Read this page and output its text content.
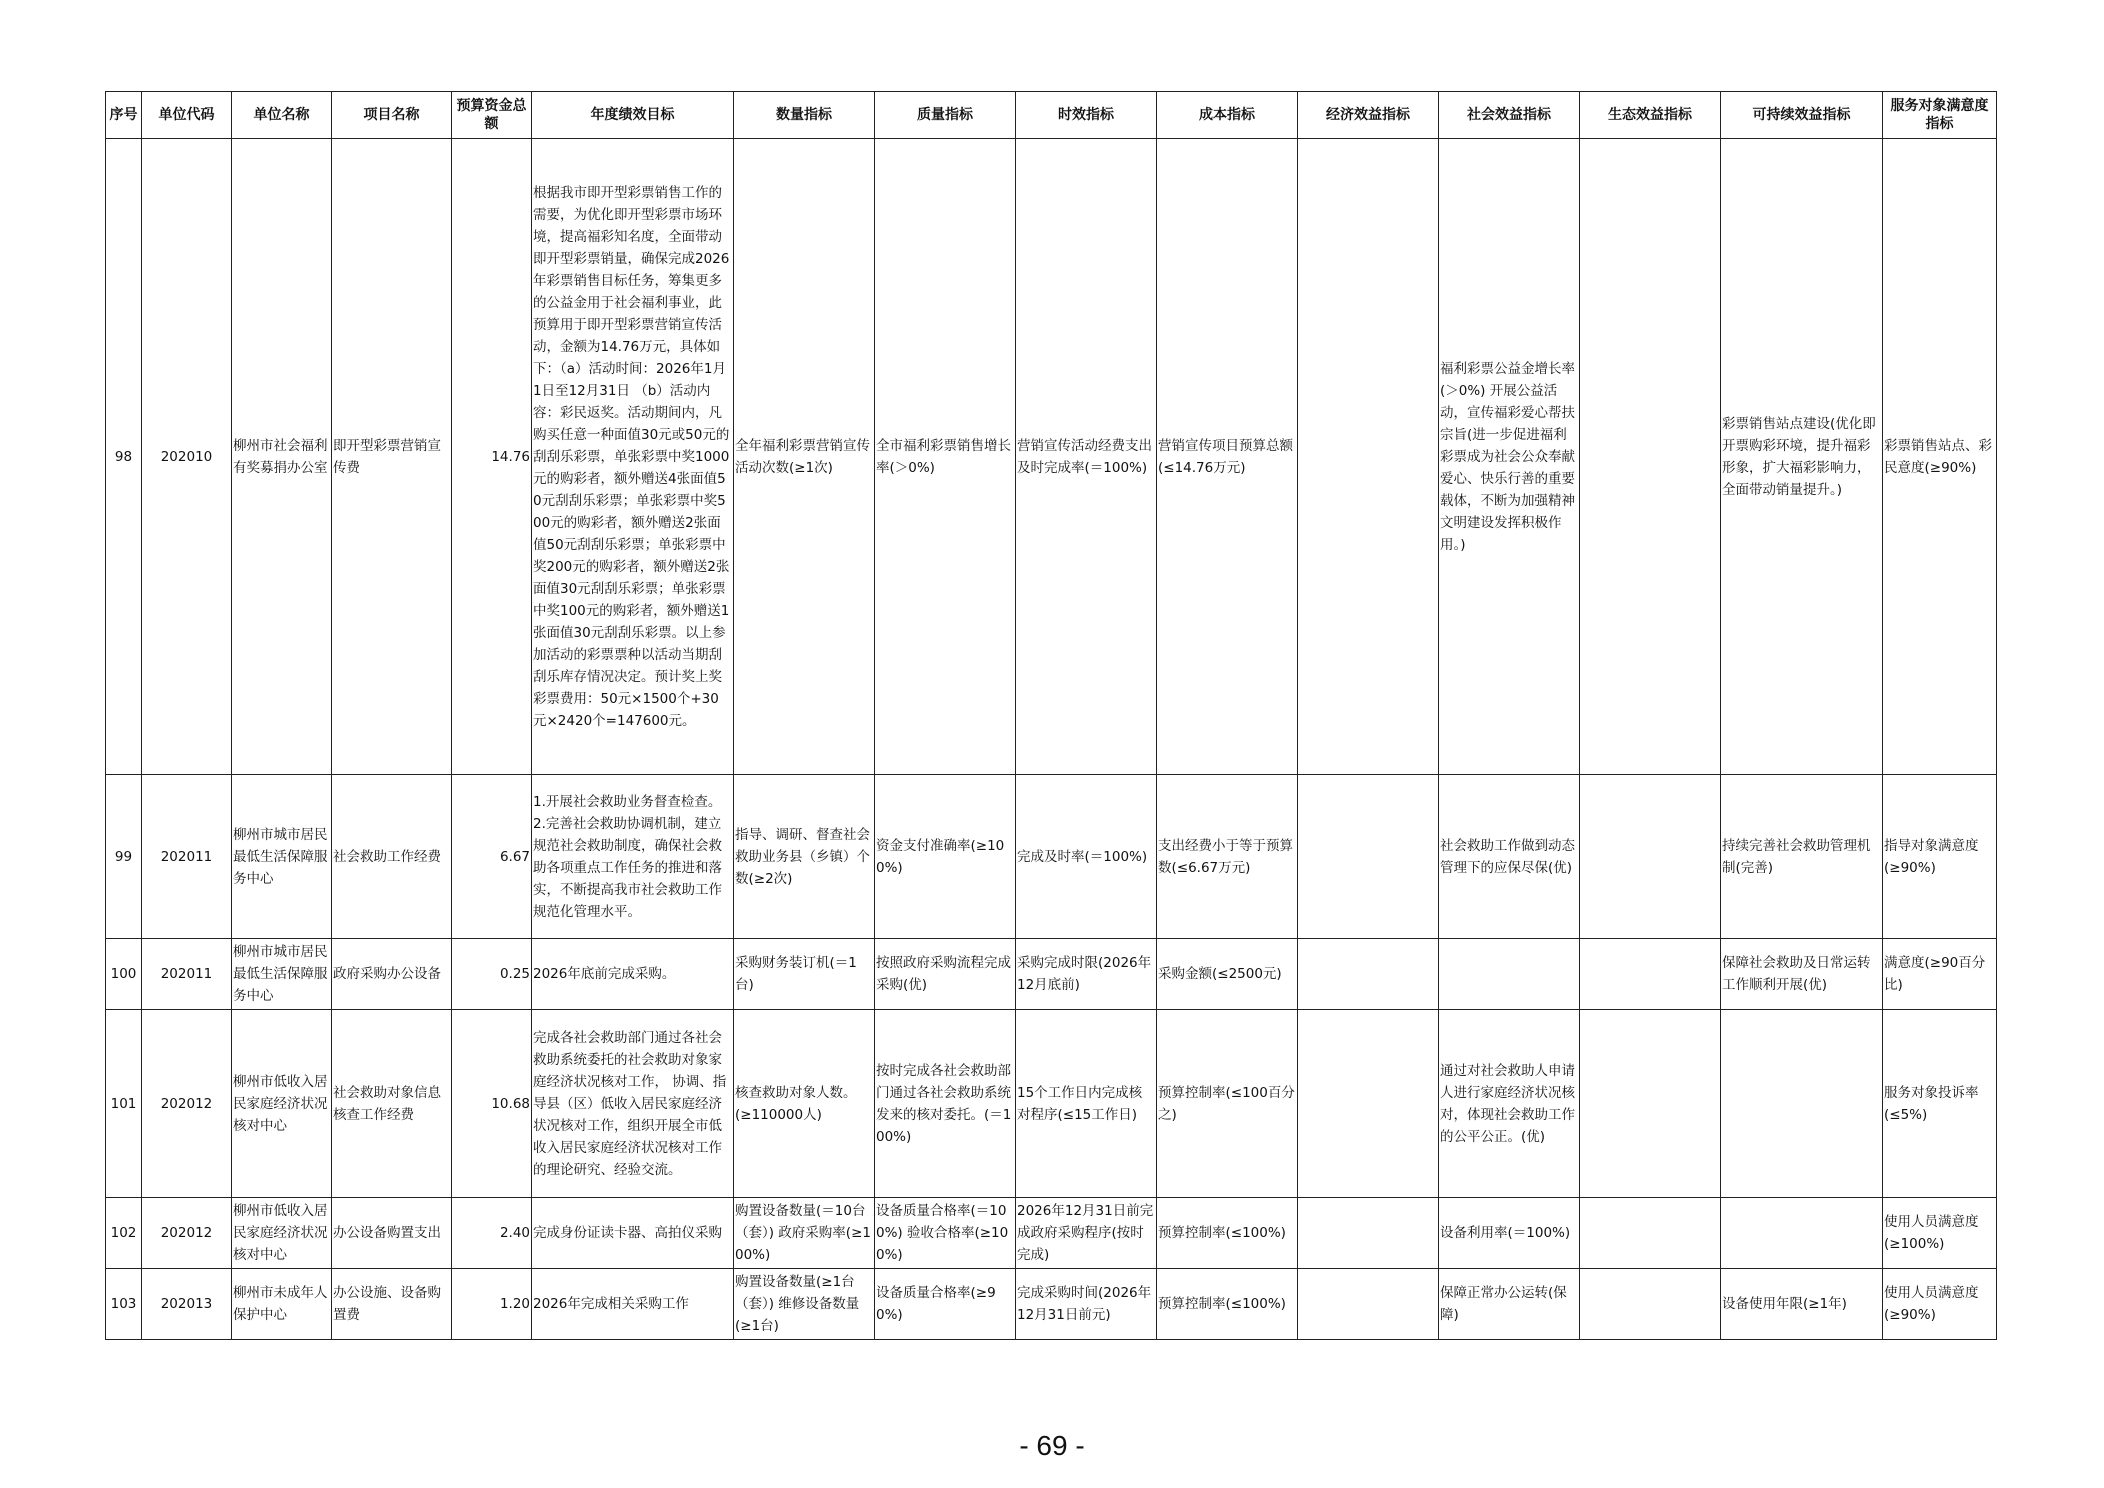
序号	单位代码	单位名称	项目名称	预算资金总额	年度绩效目标	数量指标	质量指标	时效指标	成本指标	经济效益指标	社会效益指标	生态效益指标	可持续效益指标	服务对象满意度指标
98	202010	柳州市社会福利有奖募捐办公室	即开型彩票营销宣传费	14.76	根据我市即开型彩票销售工作的需要，为优化即开型彩票市场环境，提高福彩知名度，全面带动即开型彩票销量，确保完成2026年彩票销售目标任务，筹集更多的公益金用于社会福利事业，此预算用于即开型彩票营销宣传活动，金额为14.76万元，具体如下：（a）活动时间：2026年1月1日至12月31日 （b）活动内容：彩民返奖。活动期间内，凡购买任意一种面值30元或50元的刮刮乐彩票，单张彩票中奖1000元的购彩者，额外赠送4张面值50元刮刮乐彩票；单张彩票中奖500元的购彩者，额外赠送2张面值50元刮刮乐彩票；单张彩票中奖200元的购彩者，额外赠送2张面值30元刮刮乐彩票；单张彩票中奖100元的购彩者，额外赠送1张面值30元刮刮乐彩票。以上参加活动的彩票票种以活动当期刮刮乐库存情况决定。预计奖上奖彩票费用：50元×1500个+30元×2420个=147600元。	全年福利彩票营销宣传活动次数(≥1次)	全市福利彩票销售增长率(＞0%)	营销宣传活动经费支出及时完成率(＝100%)	营销宣传项目预算总额(≤14.76万元)		福利彩票公益金增长率(＞0%) 开展公益活动，宣传福彩爱心帮扶宗旨(进一步促进福利彩票成为社会公众奉献爱心、快乐行善的重要载体，不断为加强精神文明建设发挥积极作用。)		彩票销售站点建设(优化即开票购彩环境，提升福彩形象，扩大福彩影响力，全面带动销量提升。)	彩票销售站点、彩民意度(≥90%)
99	202011	柳州市城市居民最低生活保障服务中心	社会救助工作经费	6.67	1.开展社会救助业务督查检查。 2.完善社会救助协调机制，建立规范社会救助制度，确保社会救助各项重点工作任务的推进和落实，不断提高我市社会救助工作规范化管理水平。	指导、调研、督查社会救助业务县（乡镇）个数(≥2次)	资金支付准确率(≥100%)	完成及时率(＝100%)	支出经费小于等于预算数(≤6.67万元)		社会救助工作做到动态管理下的应保尽保(优)		持续完善社会救助管理机制(完善)	指导对象满意度(≥90%)
100	202011	柳州市城市居民最低生活保障服务中心	政府采购办公设备	0.25	2026年底前完成采购。	采购财务装订机(＝1台)	按照政府采购流程完成采购(优)	采购完成时限(2026年12月底前)	采购金额(≤2500元)				保障社会救助及日常运转工作顺利开展(优)	满意度(≥90百分比)
101	202012	柳州市低收入居民家庭经济状况核对中心	社会救助对象信息核查工作经费	10.68	完成各社会救助部门通过各社会救助系统委托的社会救助对象家庭经济状况核对工作， 协调、指导县（区）低收入居民家庭经济状况核对工作，组织开展全市低收入居民家庭经济状况核对工作的理论研究、经验交流。	核查救助对象人数。(≥110000人)	按时完成各社会救助部门通过各社会救助系统发来的核对委托。(＝100%)	15个工作日内完成核对程序(≤15工作日)	预算控制率(≤100百分之)		通过对社会救助人申请人进行家庭经济状况核对，体现社会救助工作的公平公正。(优)			服务对象投诉率(≤5%)
102	202012	柳州市低收入居民家庭经济状况核对中心	办公设备购置支出	2.40	完成身份证读卡器、高拍仪采购	购置设备数量(＝10台（套）) 政府采购率(≥100%)	设备质量合格率(＝100%) 验收合格率(≥100%)	2026年12月31日前完成政府采购程序(按时完成)	预算控制率(≤100%)		设备利用率(＝100%)			使用人员满意度(≥100%)
103	202013	柳州市未成年人保护中心	办公设施、设备购置费	1.20	2026年完成相关采购工作	购置设备数量(≥1台（套）) 维修设备数量(≥1台)	设备质量合格率(≥90%)	完成采购时间(2026年12月31日前元)	预算控制率(≤100%)		保障正常办公运转(保障)		设备使用年限(≥1年)	使用人员满意度(≥90%)
- 69 -
